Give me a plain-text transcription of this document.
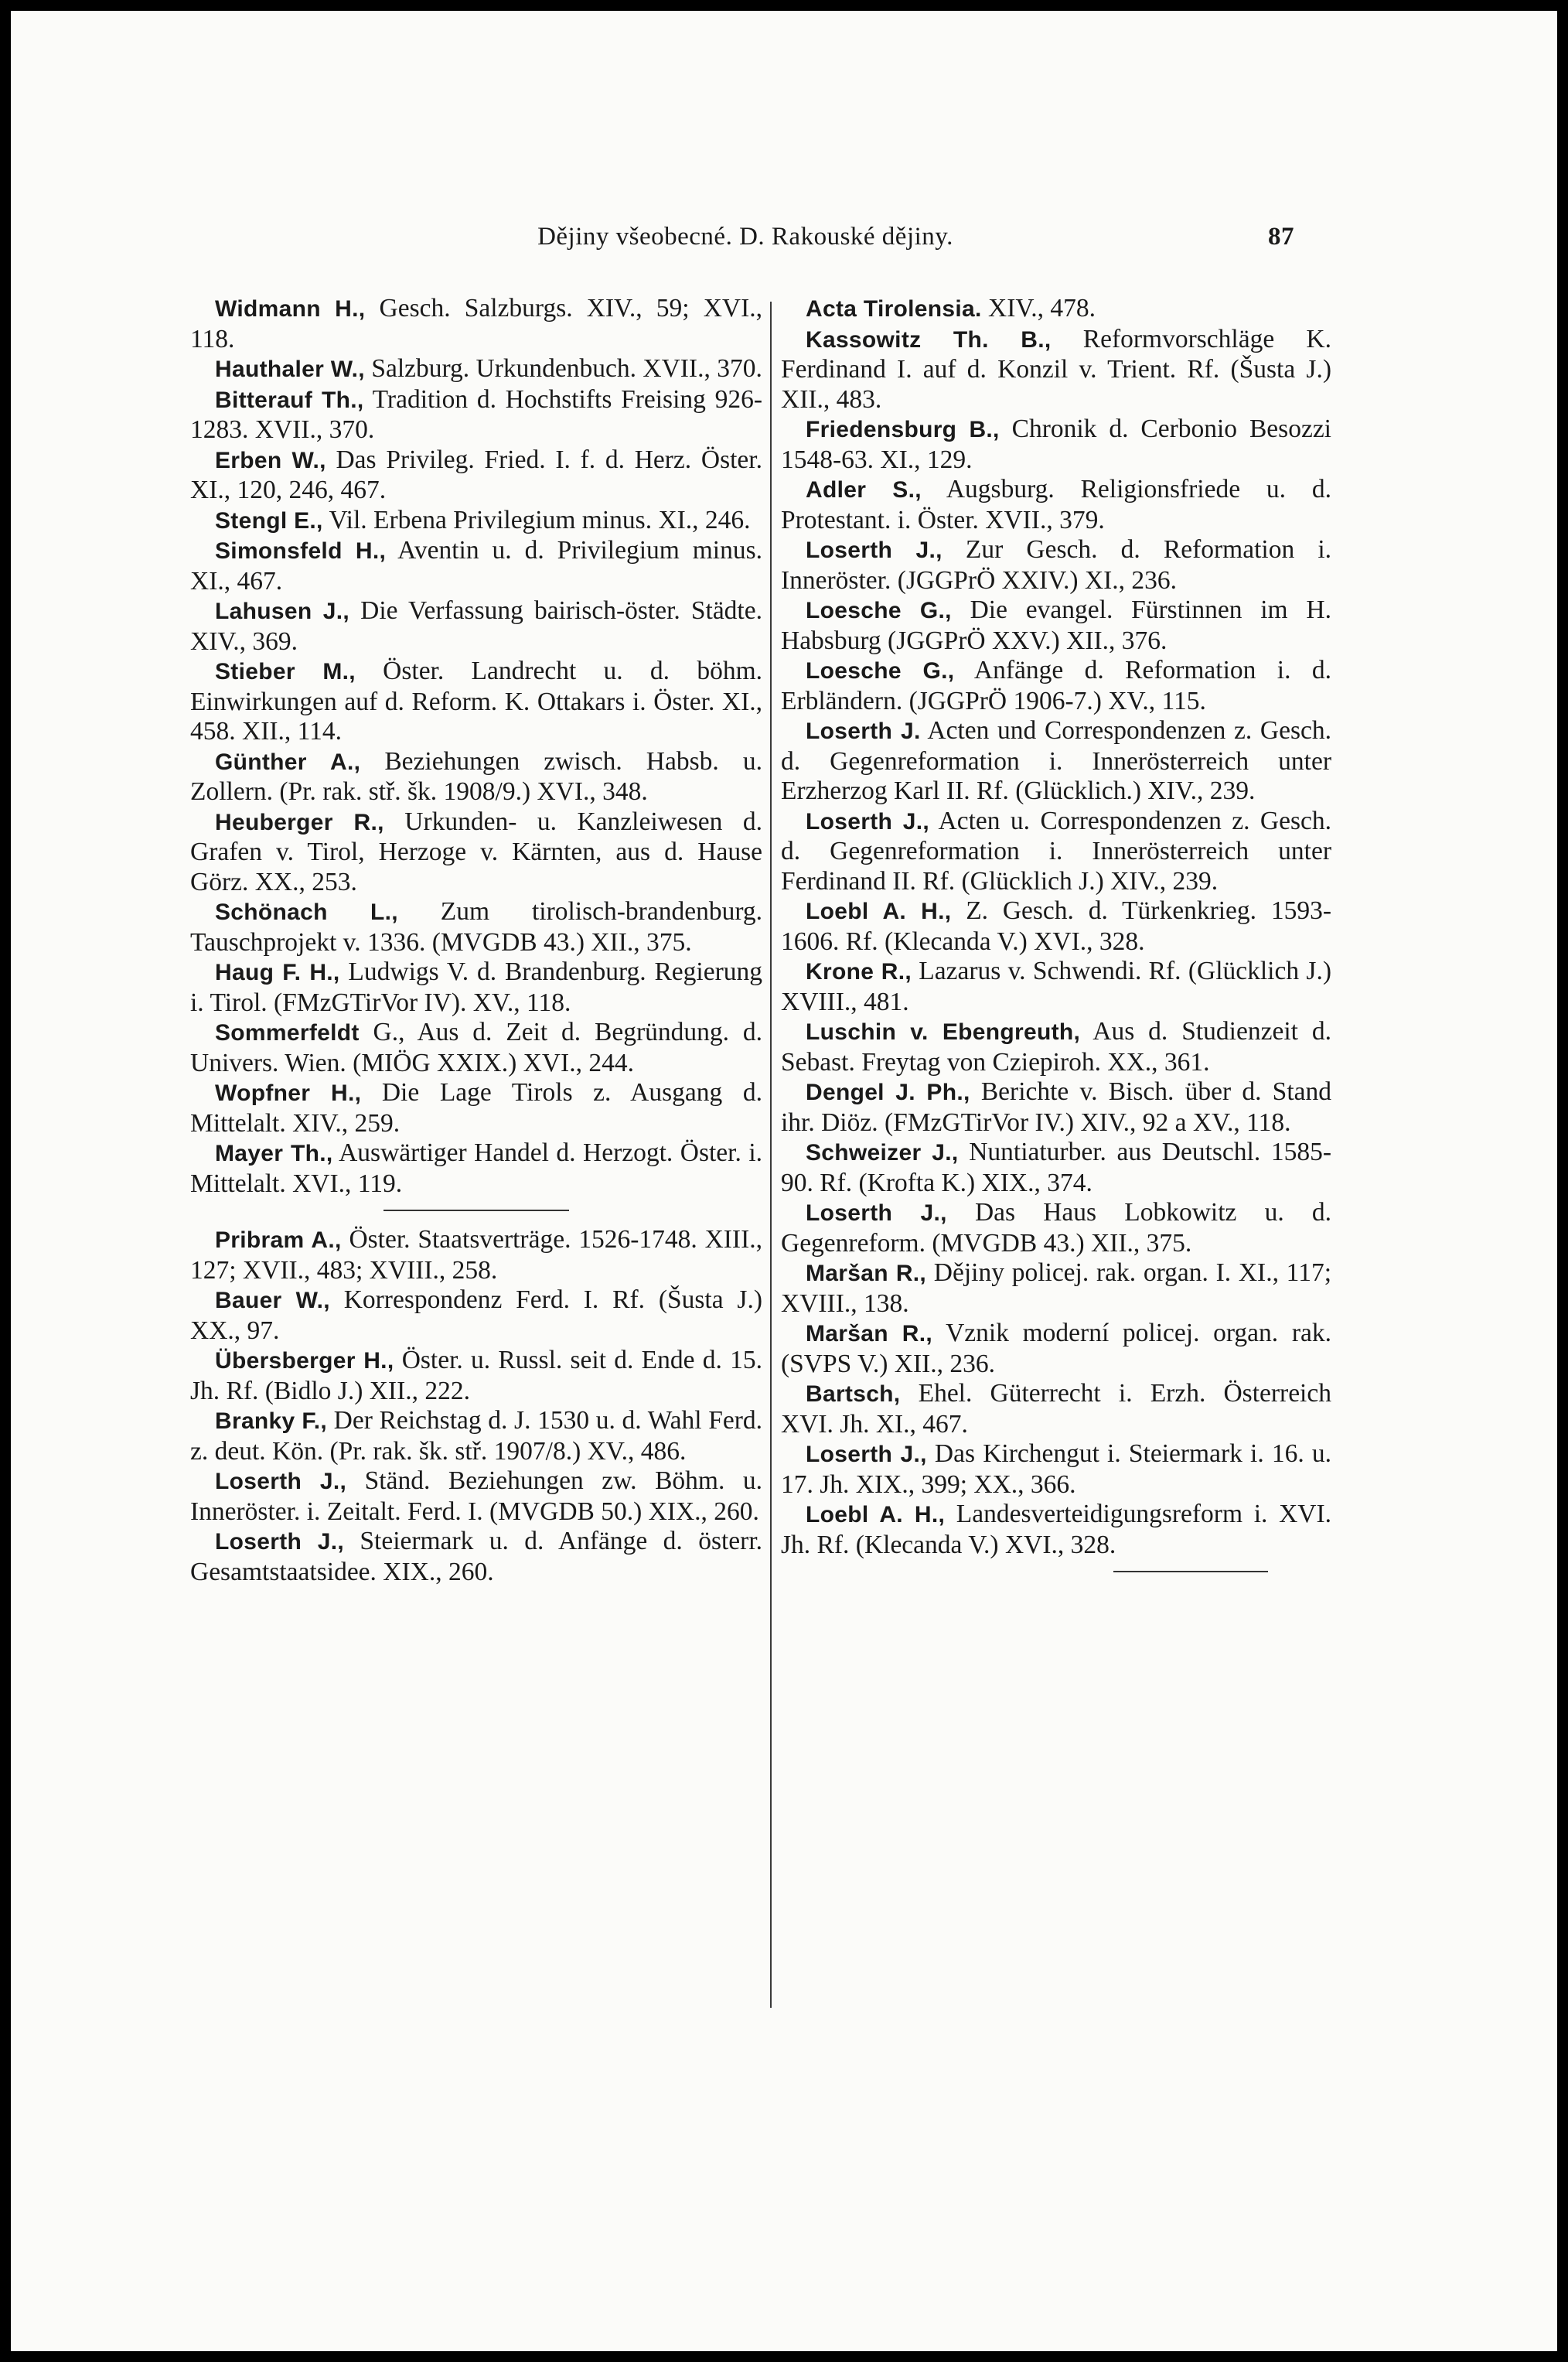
Dějiny všeobecné. D. Rakouské dějiny.	87

Widmann H., Gesch. Salzburgs. XIV., 59; XVI., 118.

Hauthaler W., Salzburg. Urkundenbuch. XVII., 370.

Bitterauf Th., Tradition d. Hochstifts Freising 926-1283. XVII., 370.

Erben W., Das Privileg. Fried. I. f. d. Herz. Öster. XI., 120, 246, 467.

Stengl E., Vil. Erbena Privilegium minus. XI., 246.

Simonsfeld H., Aventin u. d. Privilegium minus. XI., 467.

Lahusen J., Die Verfassung bairisch-öster. Städte. XIV., 369.

Stieber M., Öster. Landrecht u. d. böhm. Einwirkungen auf d. Reform. K. Ottakars i. Öster. XI., 458. XII., 114.

Günther A., Beziehungen zwisch. Habsb. u. Zollern. (Pr. rak. stř. šk. 1908/9.) XVI., 348.

Heuberger R., Urkunden- u. Kanzleiwesen d. Grafen v. Tirol, Herzoge v. Kärnten, aus d. Hause Görz. XX., 253.

Schönach L., Zum tirolisch-brandenburg. Tauschprojekt v. 1336. (MVGDB 43.) XII., 375.

Haug F. H., Ludwigs V. d. Brandenburg. Regierung i. Tirol. (FMzGTirVor IV). XV., 118.

Sommerfeldt G., Aus d. Zeit d. Begründung. d. Univers. Wien. (MIÖG XXIX.) XVI., 244.

Wopfner H., Die Lage Tirols z. Ausgang d. Mittelalt. XIV., 259.

Mayer Th., Auswärtiger Handel d. Herzogt. Öster. i. Mittelalt. XVI., 119.

Pribram A., Öster. Staatsverträge. 1526-1748. XIII., 127; XVII., 483; XVIII., 258.

Bauer W., Korrespondenz Ferd. I. Rf. (Šusta J.) XX., 97.

Übersberger H., Öster. u. Russl. seit d. Ende d. 15. Jh. Rf. (Bidlo J.) XII., 222.

Branky F., Der Reichstag d. J. 1530 u. d. Wahl Ferd. z. deut. Kön. (Pr. rak. šk. stř. 1907/8.) XV., 486.

Loserth J., Ständ. Beziehungen zw. Böhm. u. Inneröster. i. Zeitalt. Ferd. I. (MVGDB 50.) XIX., 260.

Loserth J., Steiermark u. d. Anfänge d. österr. Gesamtstaatsidee. XIX., 260.

Acta Tirolensia. XIV., 478.

Kassowitz Th. B., Reformvorschläge K. Ferdinand I. auf d. Konzil v. Trient. Rf. (Šusta J.) XII., 483.

Friedensburg B., Chronik d. Cerbonio Besozzi 1548-63. XI., 129.

Adler S., Augsburg. Religionsfriede u. d. Protestant. i. Öster. XVII., 379.

Loserth J., Zur Gesch. d. Reformation i. Inneröster. (JGGPrÖ XXIV.) XI., 236.

Loesche G., Die evangel. Fürstinnen im H. Habsburg (JGGPrÖ XXV.) XII., 376.

Loesche G., Anfänge d. Reformation i. d. Erbländern. (JGGPrÖ 1906-7.) XV., 115.

Loserth J. Acten und Correspondenzen z. Gesch. d. Gegenreformation i. Innerösterreich unter Erzherzog Karl II. Rf. (Glücklich.) XIV., 239.

Loserth J., Acten u. Correspondenzen z. Gesch. d. Gegenreformation i. Innerösterreich unter Ferdinand II. Rf. (Glücklich J.) XIV., 239.

Loebl A. H., Z. Gesch. d. Türkenkrieg. 1593-1606. Rf. (Klecanda V.) XVI., 328.

Krone R., Lazarus v. Schwendi. Rf. (Glücklich J.) XVIII., 481.

Luschin v. Ebengreuth, Aus d. Studienzeit d. Sebast. Freytag von Cziepiroh. XX., 361.

Dengel J. Ph., Berichte v. Bisch. über d. Stand ihr. Diöz. (FMzGTirVor IV.) XIV., 92 a XV., 118.

Schweizer J., Nuntiaturber. aus Deutschl. 1585-90. Rf. (Krofta K.) XIX., 374.

Loserth J., Das Haus Lobkowitz u. d. Gegenreform. (MVGDB 43.) XII., 375.

Maršan R., Dějiny policej. rak. organ. I. XI., 117; XVIII., 138.

Maršan R., Vznik moderní policej. organ. rak. (SVPS V.) XII., 236.

Bartsch, Ehel. Güterrecht i. Erzh. Österreich XVI. Jh. XI., 467.

Loserth J., Das Kirchengut i. Steiermark i. 16. u. 17. Jh. XIX., 399; XX., 366.

Loebl A. H., Landesverteidigungsreform i. XVI. Jh. Rf. (Klecanda V.) XVI., 328.
